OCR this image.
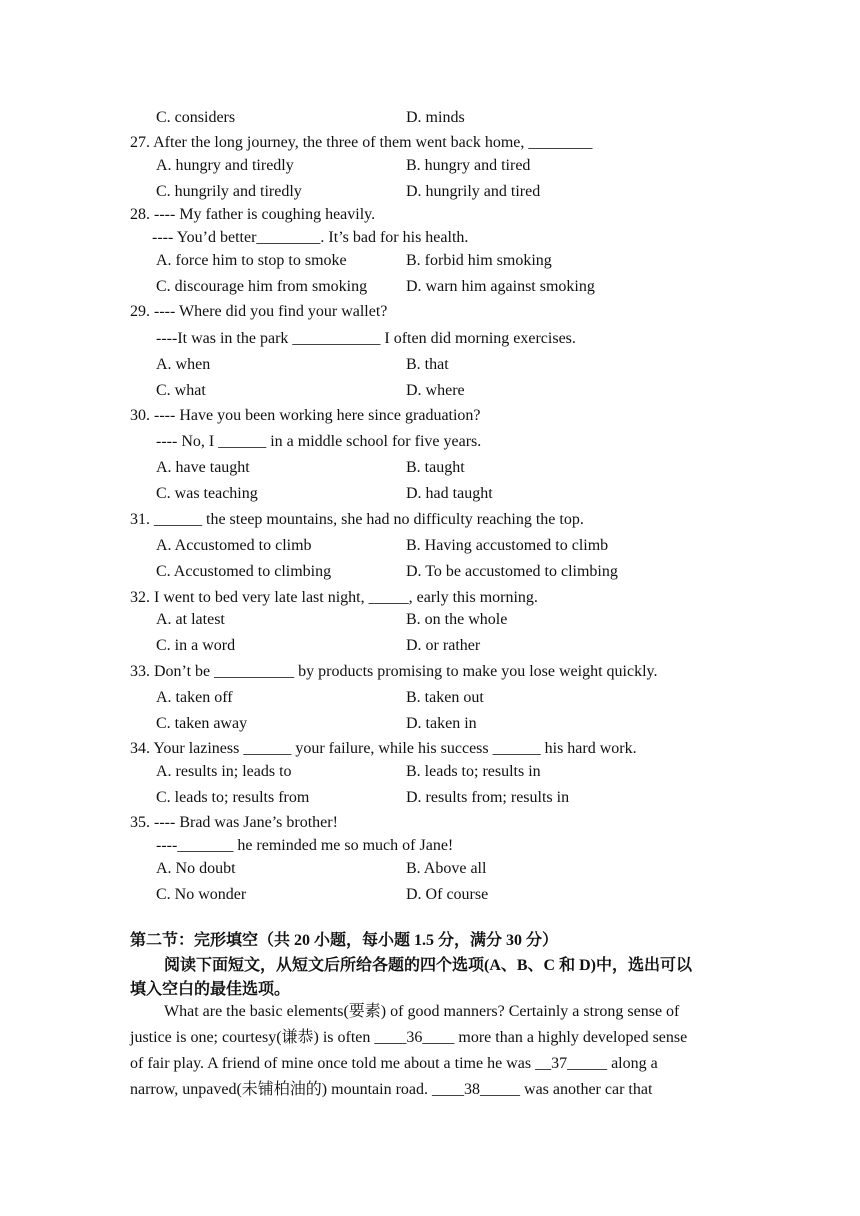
C. considers	D. minds
27. After the long journey, the three of them went back home, ________
A. hungry and tiredly	B. hungry and tired
C. hungrily and tiredly	D. hungrily and tired
28. ---- My father is coughing heavily.
---- You’d better________. It’s bad for his health.
A. force him to stop to smoke	B. forbid him smoking
C. discourage him from smoking D. warn him against smoking
29. ---- Where did you find your wallet?
----It was in the park ___________ I often did morning exercises.
A. when	B. that
C. what	D. where
30. ---- Have you been working here since graduation?
---- No, I ______ in a middle school for five years.
A. have taught	B. taught
C. was teaching	D. had taught
31. ______ the steep mountains, she had no difficulty reaching the top.
A. Accustomed to climb	B. Having accustomed to climb
C. Accustomed to climbing	D. To be accustomed to climbing
32. I went to bed very late last night, _____, early this morning.
A. at latest	B. on the whole
C. in a word	D. or rather
33. Don’t be __________ by products promising to make you lose weight quickly.
A. taken off	B. taken out
C. taken away	D. taken in
34. Your laziness ______ your failure, while his success ______ his hard work.
A. results in; leads to	B. leads to; results in
C. leads to; results from	D. results from; results in
35. ---- Brad was Jane’s brother!
----_______ he reminded me so much of Jane!
A. No doubt	B. Above all
C. No wonder	D. Of course
第二节：完形填空（共 20 小题，每小题 1.5 分，满分 30 分）
阅读下面短文，从短文后所给各题的四个选项(A、B、C 和 D)中，选出可以
填入空白的最佳选项。
What are the basic elements(要素) of good manners? Certainly a strong sense of
justice is one; courtesy(谦恭) is often ____36____ more than a highly developed sense
of fair play. A friend of mine once told me about a time he was __37_____ along a
narrow, unpaved(未铺柏油的) mountain road. ____38_____ was another car that
